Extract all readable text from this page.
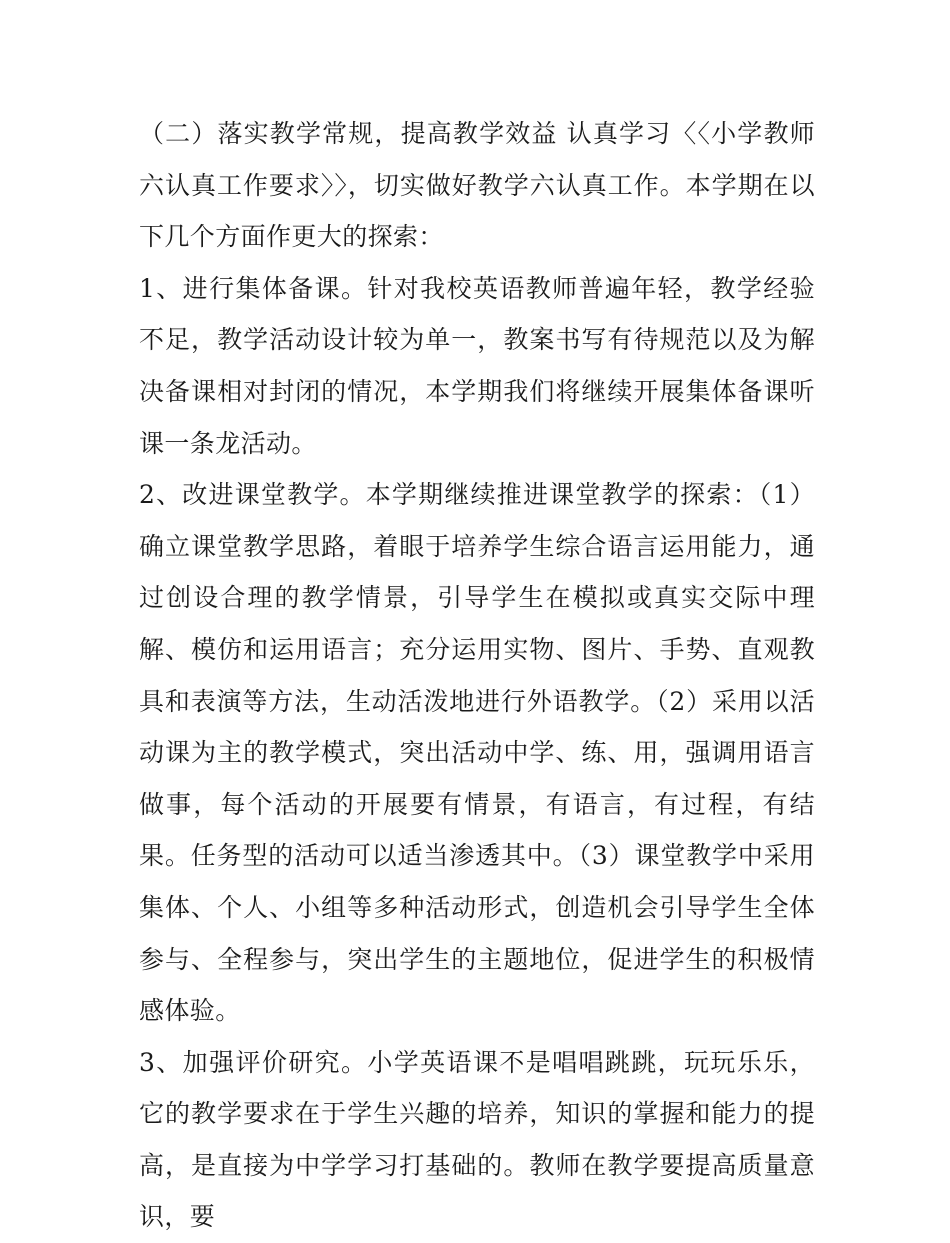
（二）落实教学常规，提高教学效益 认真学习〈〈小学教师六认真工作要求〉〉，切实做好教学六认真工作。本学期在以下几个方面作更大的探索：

1、进行集体备课。针对我校英语教师普遍年轻，教学经验不足，教学活动设计较为单一，教案书写有待规范以及为解决备课相对封闭的情况，本学期我们将继续开展集体备课听课一条龙活动。

2、改进课堂教学。本学期继续推进课堂教学的探索：（1）确立课堂教学思路，着眼于培养学生综合语言运用能力，通过创设合理的教学情景，引导学生在模拟或真实交际中理解、模仿和运用语言；充分运用实物、图片、手势、直观教具和表演等方法，生动活泼地进行外语教学。（2）采用以活动课为主的教学模式，突出活动中学、练、用，强调用语言做事，每个活动的开展要有情景，有语言，有过程，有结果。任务型的活动可以适当渗透其中。（3）课堂教学中采用集体、个人、小组等多种活动形式，创造机会引导学生全体参与、全程参与，突出学生的主题地位，促进学生的积极情感体验。

3、加强评价研究。小学英语课不是唱唱跳跳，玩玩乐乐，它的教学要求在于学生兴趣的培养，知识的掌握和能力的提高，是直接为中学学习打基础的。教师在教学要提高质量意识，要
